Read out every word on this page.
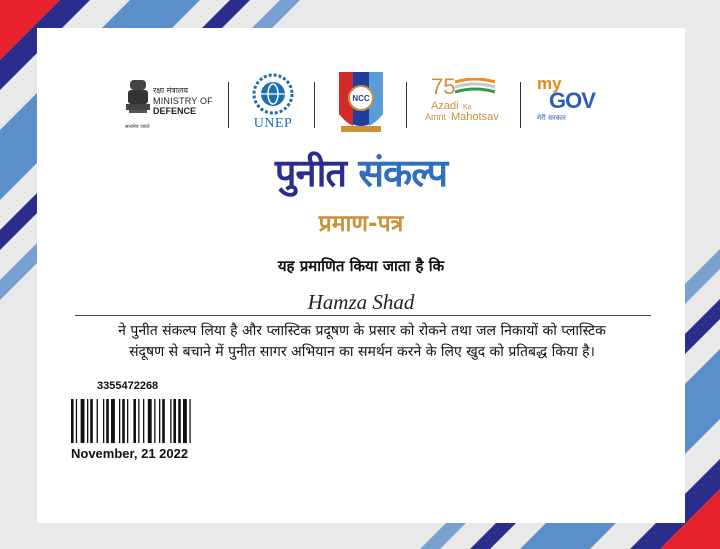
सत्यमेव जयते
रक्षा मंत्रालय
MINISTRY OF
DEFENCE
UNEP
NCC	75
Azadi Ka
Amrit Mahotsav
my
GOV
मेरी सरकार
पुनीत संकल्प
प्रमाण-पत्र
यह प्रमाणित किया जाता है कि
Hamza Shad
ने पुनीत संकल्प लिया है और प्लास्टिक प्रदूषण के प्रसार को रोकने तथा जल निकायों को प्लास्टिक
संदूषण से बचाने में पुनीत सागर अभियान का समर्थन करने के लिए खुद को प्रतिबद्ध किया है।
3355472268
November, 21 2022
